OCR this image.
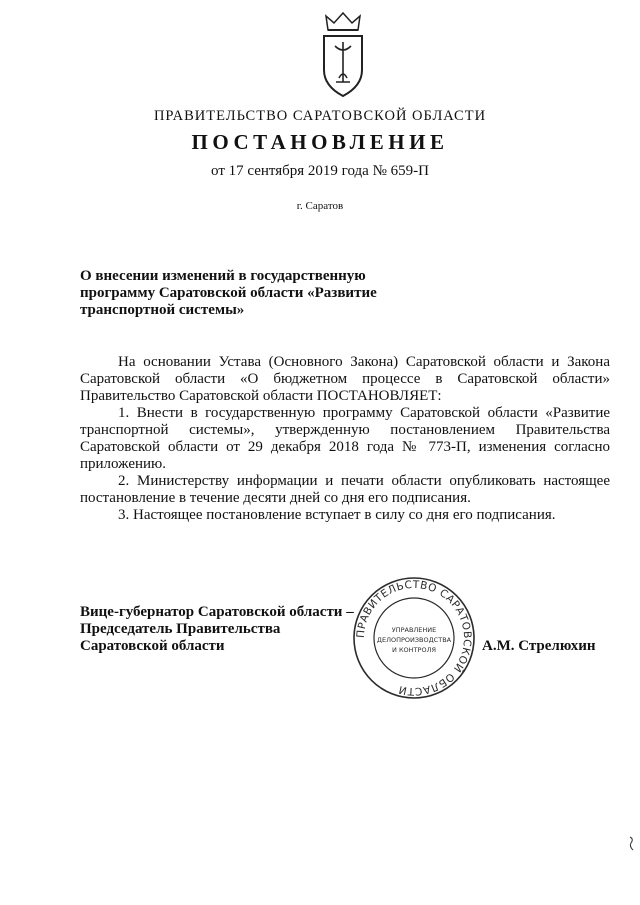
ПРАВИТЕЛЬСТВО САРАТОВСКОЙ ОБЛАСТИ
ПОСТАНОВЛЕНИЕ
от 17 сентября 2019 года № 659-П
г. Саратов
О внесении изменений в государственную
программу Саратовской области «Развитие
транспортной системы»

На основании Устава (Основного Закона) Саратовской области и Закона Саратовской области «О бюджетном процессе в Саратовской области» Правительство Саратовской области ПОСТАНОВЛЯЕТ:

1. Внести в государственную программу Саратовской области «Развитие транспортной системы», утвержденную постановлением Правительства Саратовской области от 29 декабря 2018 года № 773-П, изменения согласно приложению.

2. Министерству информации и печати области опубликовать настоящее постановление в течение десяти дней со дня его подписания.

3. Настоящее постановление вступает в силу со дня его подписания.

Вице-губернатор Саратовской области –
Председатель Правительства
Саратовской области	А.М. Стрелюхин
ПРАВИТЕЛЬСТВО САРАТОВСКОЙ ОБЛАСТИ
УПРАВЛЕНИЕ
ДЕЛОПРОИЗВОДСТВА
И КОНТРОЛЯ
